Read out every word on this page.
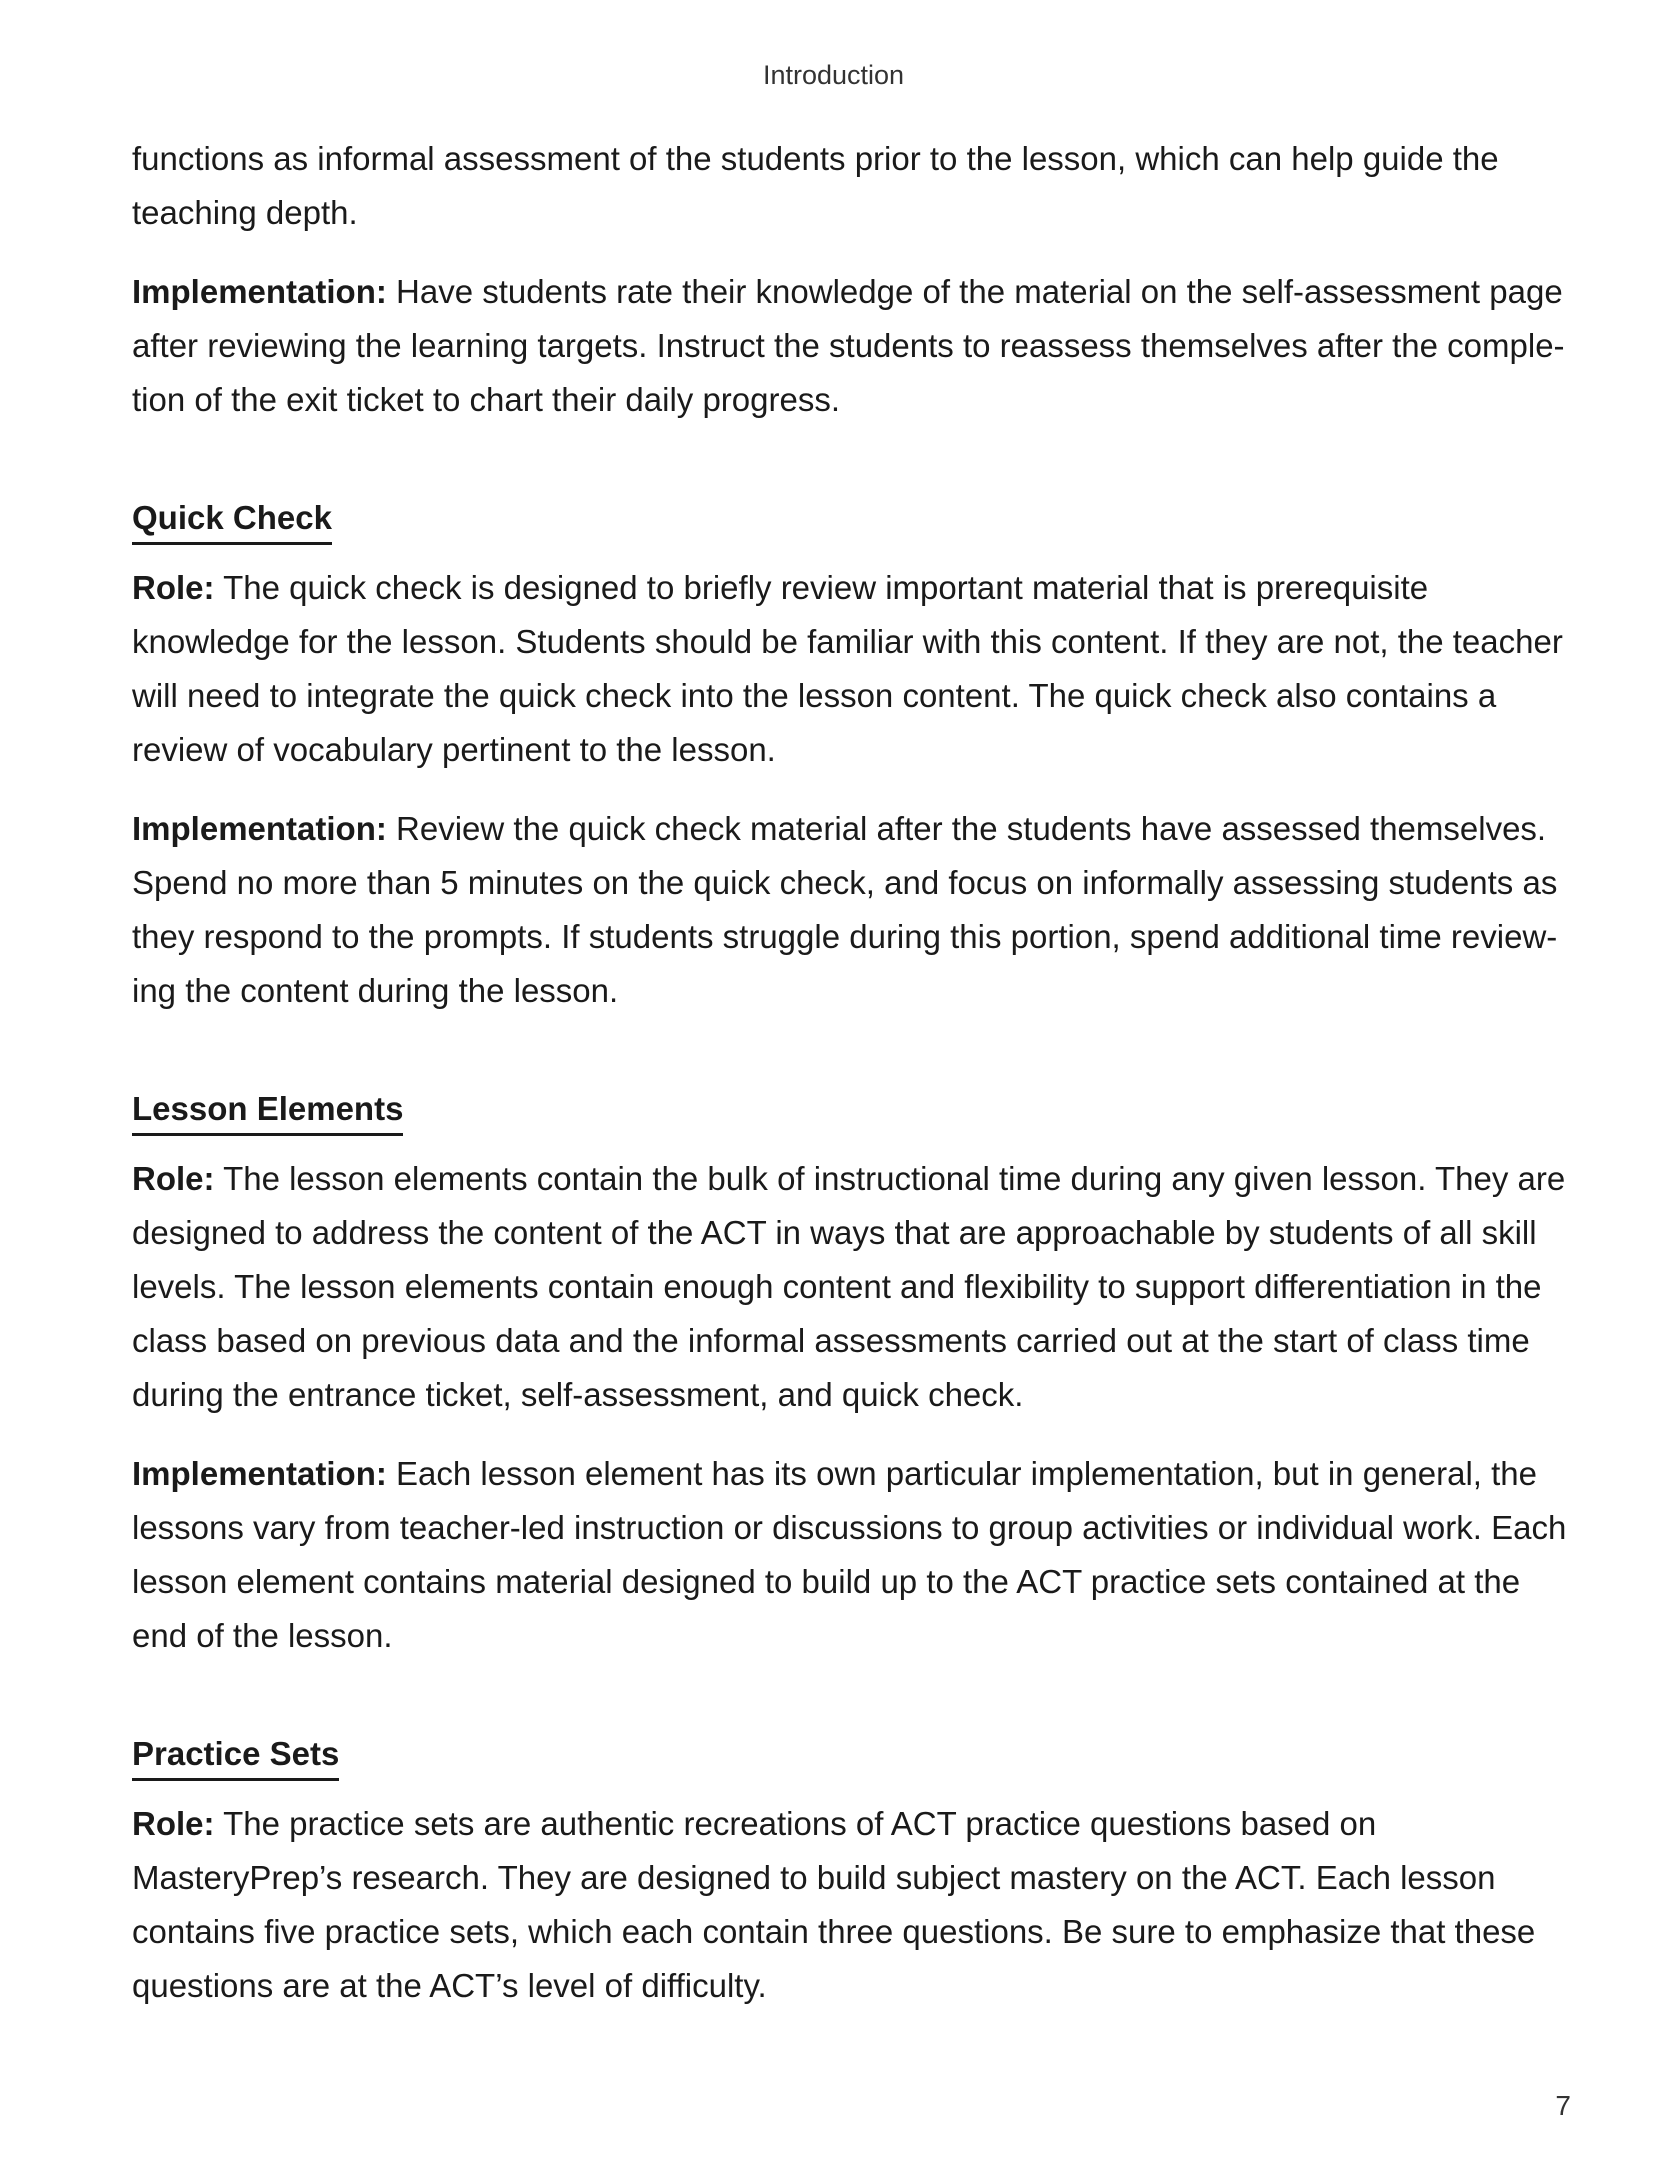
Introduction

functions as informal assessment of the students prior to the lesson, which can help guide the teaching depth.

Implementation: Have students rate their knowledge of the material on the self-assessment page after reviewing the learning targets. Instruct the students to reassess themselves after the comple-tion of the exit ticket to chart their daily progress.

Quick Check

Role: The quick check is designed to briefly review important material that is prerequisite knowledge for the lesson. Students should be familiar with this content. If they are not, the teacher will need to integrate the quick check into the lesson content. The quick check also contains a review of vocabulary pertinent to the lesson.

Implementation: Review the quick check material after the students have assessed themselves. Spend no more than 5 minutes on the quick check, and focus on informally assessing students as they respond to the prompts. If students struggle during this portion, spend additional time review-ing the content during the lesson.

Lesson Elements

Role: The lesson elements contain the bulk of instructional time during any given lesson. They are designed to address the content of the ACT in ways that are approachable by students of all skill levels. The lesson elements contain enough content and flexibility to support differentiation in the class based on previous data and the informal assessments carried out at the start of class time during the entrance ticket, self-assessment, and quick check.

Implementation: Each lesson element has its own particular implementation, but in general, the lessons vary from teacher-led instruction or discussions to group activities or individual work. Each lesson element contains material designed to build up to the ACT practice sets contained at the end of the lesson.

Practice Sets

Role: The practice sets are authentic recreations of ACT practice questions based on MasteryPrep’s research. They are designed to build subject mastery on the ACT. Each lesson contains five practice sets, which each contain three questions. Be sure to emphasize that these questions are at the ACT’s level of difficulty.

7
